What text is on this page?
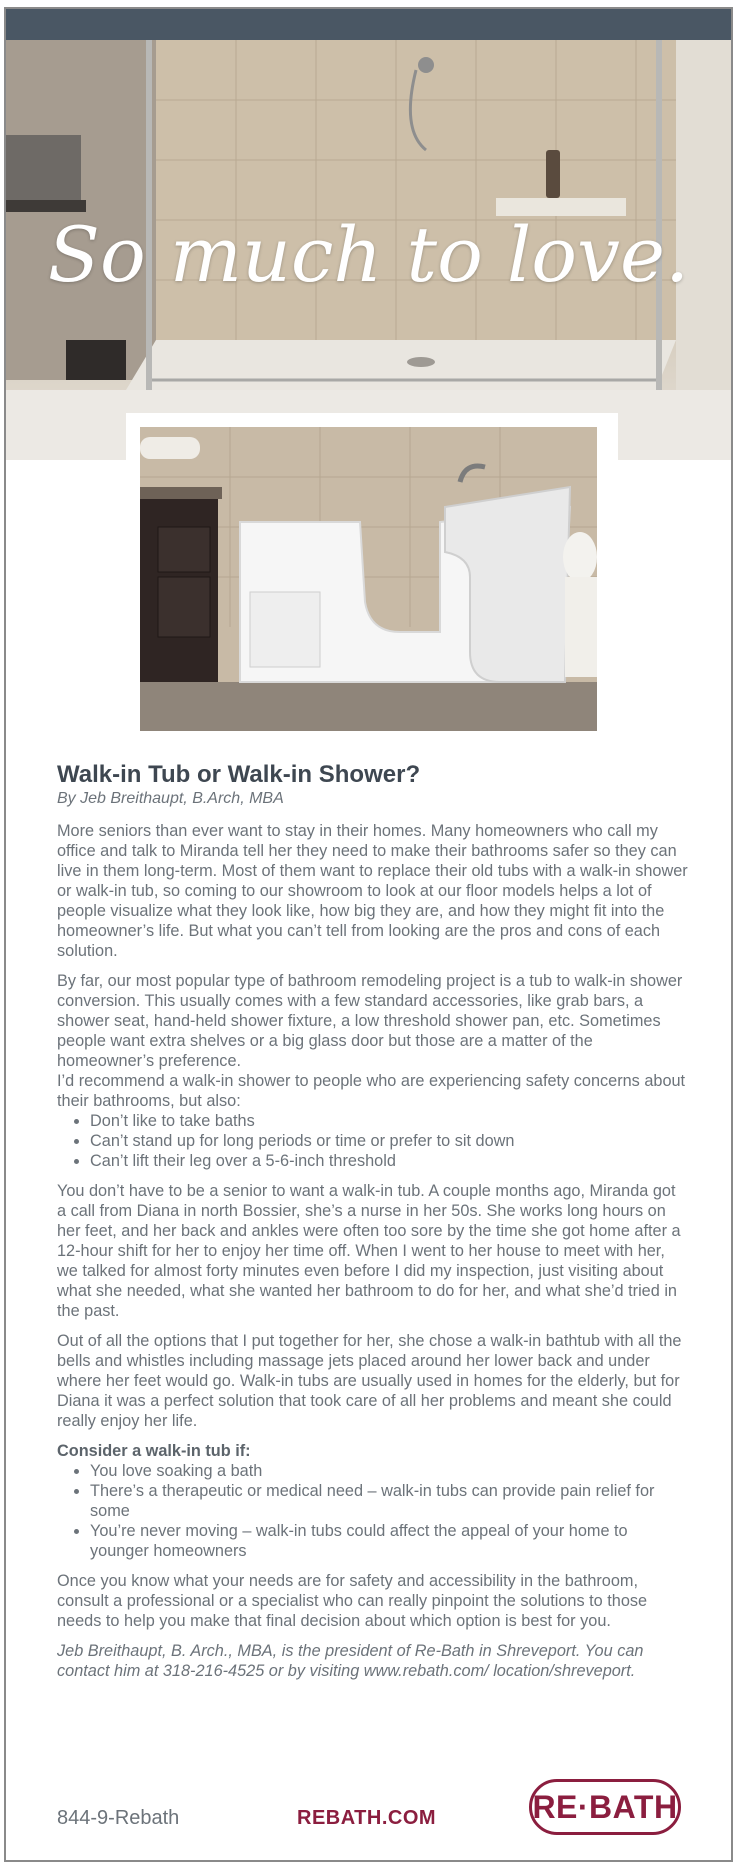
So much to love.
Walk-in Tub or Walk-in Shower?
By Jeb Breithaupt, B.Arch, MBA

More seniors than ever want to stay in their homes. Many homeowners who call my office and talk to Miranda tell her they need to make their bathrooms safer so they can live in them long-term. Most of them want to replace their old tubs with a walk-in shower or walk-in tub, so coming to our showroom to look at our floor models helps a lot of people visualize what they look like, how big they are, and how they might fit into the homeowner’s life. But what you can’t tell from looking are the pros and cons of each solution.

By far, our most popular type of bathroom remodeling project is a tub to walk-in shower conversion. This usually comes with a few standard accessories, like grab bars, a shower seat, hand-held shower fixture, a low threshold shower pan, etc. Sometimes people want extra shelves or a big glass door but those are a matter of the homeowner’s preference.

I’d recommend a walk-in shower to people who are experiencing safety concerns about their bathrooms, but also:

• Don’t like to take baths
• Can’t stand up for long periods or time or prefer to sit down
• Can’t lift their leg over a 5-6-inch threshold

You don’t have to be a senior to want a walk-in tub. A couple months ago, Miranda got a call from Diana in north Bossier, she’s a nurse in her 50s. She works long hours on her feet, and her back and ankles were often too sore by the time she got home after a 12-hour shift for her to enjoy her time off. When I went to her house to meet with her, we talked for almost forty minutes even before I did my inspection, just visiting about what she needed, what she wanted her bathroom to do for her, and what she’d tried in the past.

Out of all the options that I put together for her, she chose a walk-in bathtub with all the bells and whistles including massage jets placed around her lower back and under where her feet would go. Walk-in tubs are usually used in homes for the elderly, but for Diana it was a perfect solution that took care of all her problems and meant she could really enjoy her life.

Consider a walk-in tub if:
• You love soaking a bath
• There’s a therapeutic or medical need – walk-in tubs can provide pain relief for some
• You’re never moving – walk-in tubs could affect the appeal of your home to younger homeowners

Once you know what your needs are for safety and accessibility in the bathroom, consult a professional or a specialist who can really pinpoint the solutions to those needs to help you make that final decision about which option is best for you.

Jeb Breithaupt, B. Arch., MBA, is the president of Re-Bath in Shreveport. You can contact him at 318-216-4525 or by visiting www.rebath.com/ location/shreveport.

844-9-Rebath	REBATH.COM	RE·BATH
